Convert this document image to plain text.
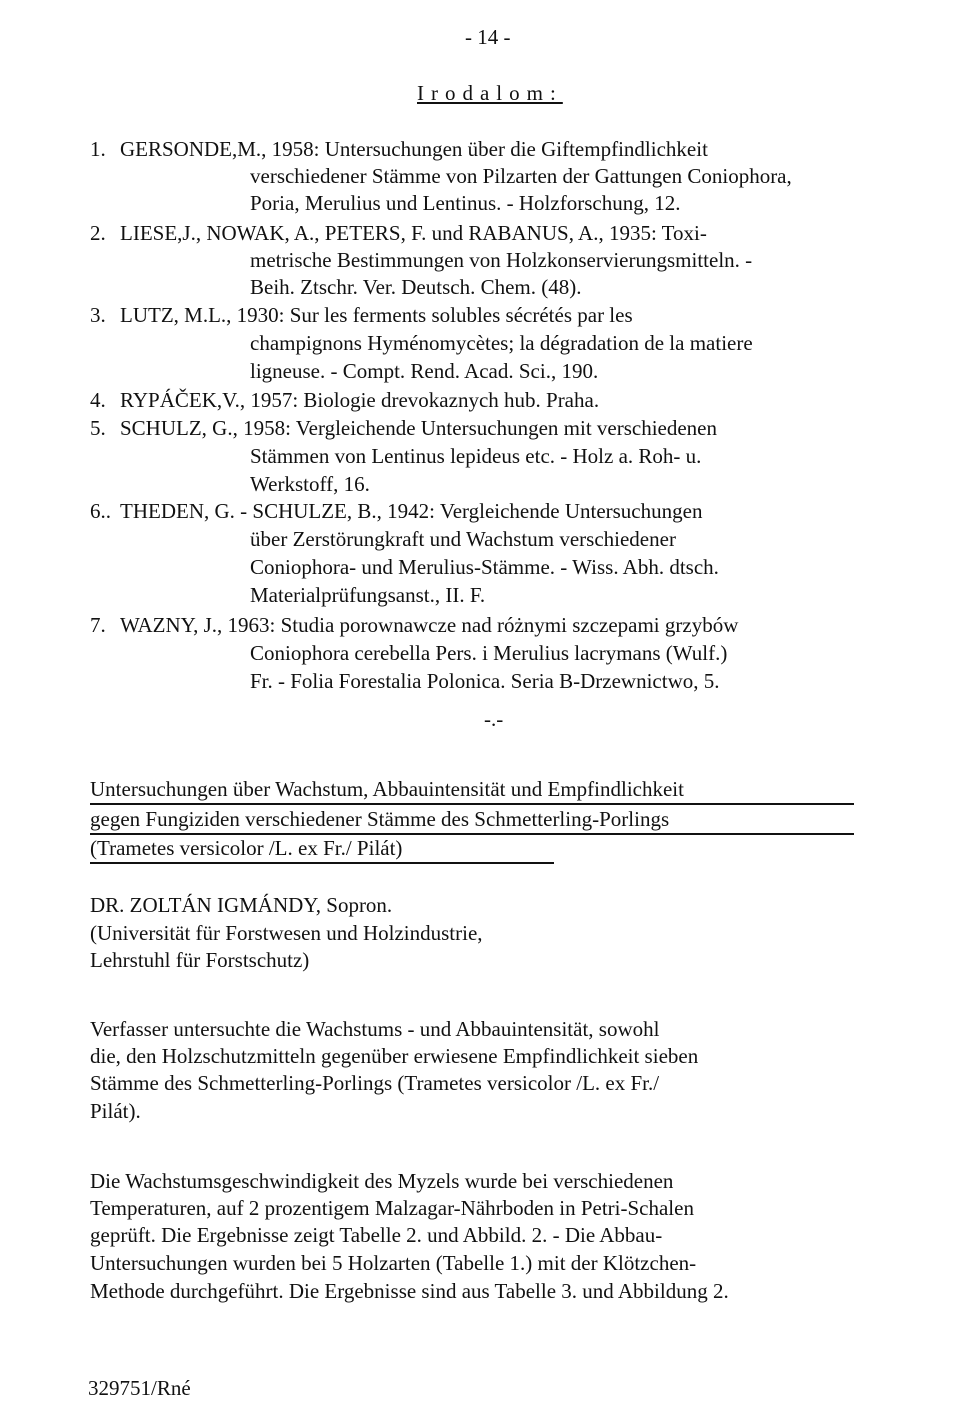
- 14 -
Irodalom:
1. GERSONDE,M., 1958: Untersuchungen über die Giftempfindlichkeit
verschiedener Stämme von Pilzarten der Gattungen Coniophora,
Poria, Merulius und Lentinus. - Holzforschung, 12.
2. LIESE,J., NOWAK, A., PETERS, F. und RABANUS, A., 1935: Toxi-
metrische Bestimmungen von Holzkonservierungsmitteln. -
Beih. Ztschr. Ver. Deutsch. Chem. (48).
3. LUTZ, M.L., 1930: Sur les ferments solubles sécrétés par les
champignons Hyménomycètes; la dégradation de la matiere
ligneuse. - Compt. Rend. Acad. Sci., 190.
4. RYPÁČEK,V., 1957: Biologie drevokaznych hub. Praha.
5. SCHULZ, G., 1958: Vergleichende Untersuchungen mit verschiedenen
Stämmen von Lentinus lepideus etc. - Holz a. Roh- u.
Werkstoff, 16.
6.. THEDEN, G. - SCHULZE, B., 1942: Vergleichende Untersuchungen
über Zerstörungkraft und Wachstum verschiedener
Coniophora- und Merulius-Stämme. - Wiss. Abh. dtsch.
Materialprüfungsanst., II. F.
7. WAZNY, J., 1963: Studia porownawcze nad różnymi szczepami grzybów
Coniophora cerebella Pers. i Merulius lacrymans (Wulf.)
Fr. - Folia Forestalia Polonica. Seria B-Drzewnictwo, 5.
-.-
Untersuchungen über Wachstum, Abbauintensität und Empfindlichkeit
gegen Fungiziden verschiedener Stämme des Schmetterling-Porlings
(Trametes versicolor /L. ex Fr./ Pilát)
DR. ZOLTÁN IGMÁNDY, Sopron.
(Universität für Forstwesen und Holzindustrie,
Lehrstuhl für Forstschutz)
Verfasser untersuchte die Wachstums - und Abbauintensität, sowohl
die, den Holzschutzmitteln gegenüber erwiesene Empfindlichkeit sieben
Stämme des Schmetterling-Porlings (Trametes versicolor /L. ex Fr./
Pilát).
Die Wachstumsgeschwindigkeit des Myzels wurde bei verschiedenen
Temperaturen, auf 2 prozentigem Malzagar-Nährboden in Petri-Schalen
geprüft. Die Ergebnisse zeigt Tabelle 2. und Abbild. 2. - Die Abbau-
Untersuchungen wurden bei 5 Holzarten (Tabelle 1.) mit der Klötzchen-
Methode durchgeführt. Die Ergebnisse sind aus Tabelle 3. und Abbildung 2.
329751/Rné
